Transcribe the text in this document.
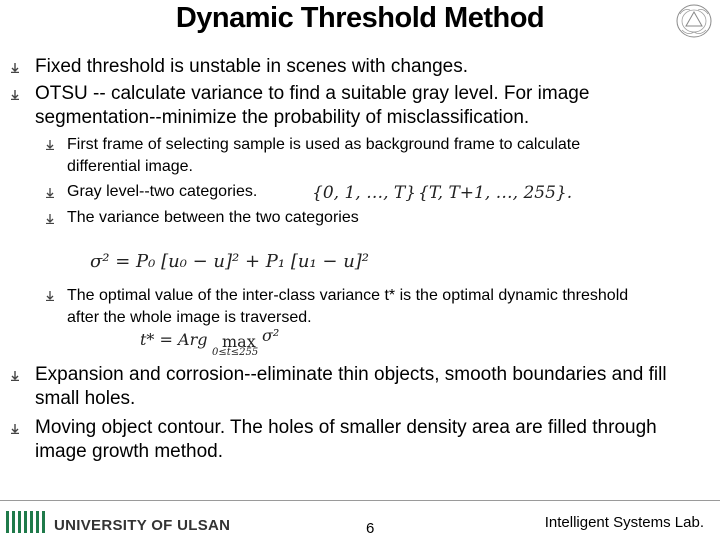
Dynamic Threshold Method
Fixed threshold is unstable in scenes with changes.
OTSU -- calculate variance to find a suitable gray level. For image
segmentation--minimize the probability of misclassification.
First frame of selecting sample is used as background frame to calculate
differential image.
Gray level--two categories.	{0, 1, …, T} {T, T+1, …, 255}.
The variance between the two categories
σ² = P₀ [u₀ − u]² + P₁ [u₁ − u]²
The optimal value of the inter-class variance t* is the optimal dynamic threshold
after the whole image is traversed.
t* = Arg max
0≤t≤255
σ²
Expansion and corrosion--eliminate thin objects, smooth boundaries and fill
small holes.
Moving object contour. The holes of smaller density area are filled through
image growth method.
UNIVERSITY OF ULSAN	6	Intelligent Systems Lab.
